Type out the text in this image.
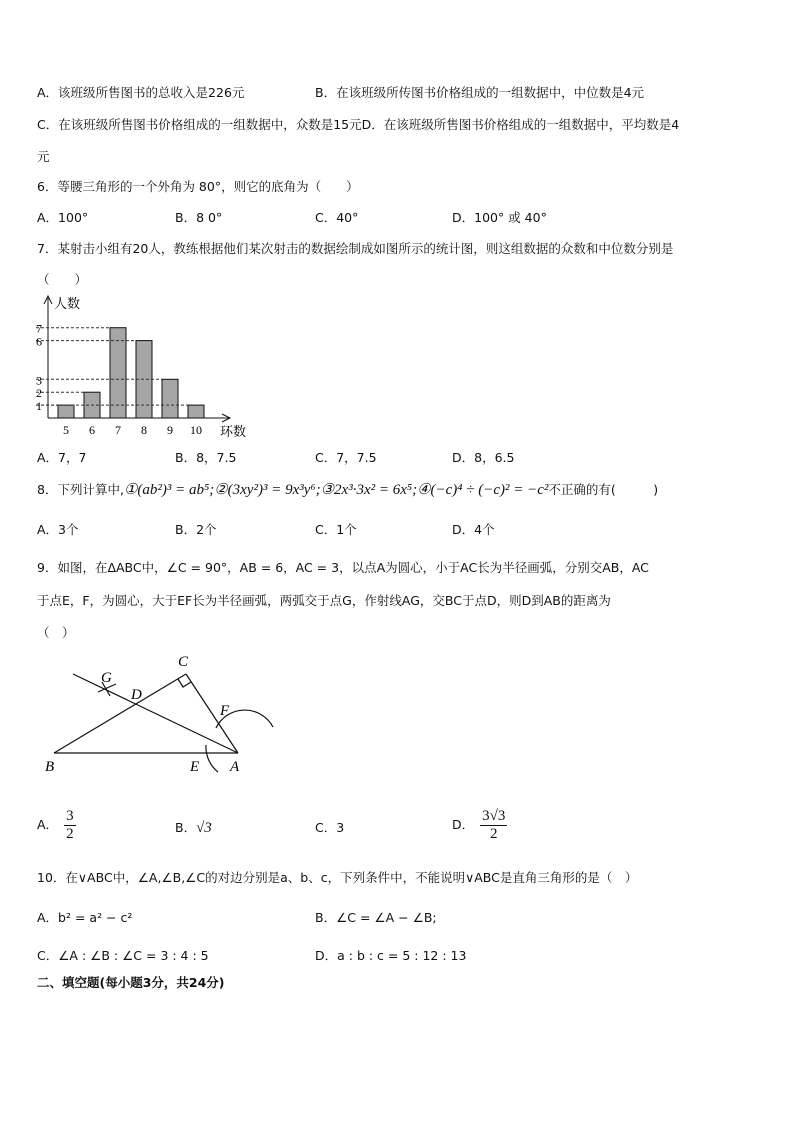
A．该班级所售图书的总收入是226元	B．在该班级所传图书价格组成的一组数据中，中位数是4元
C．在该班级所售图书价格组成的一组数据中，众数是15元D．在该班级所售图书价格组成的一组数据中，平均数是4
元
6．等腰三角形的一个外角为 80°，则它的底角为（　　）
A．100°	B．8 0°	C．40°	D．100° 或 40°
7．某射击小组有20人，教练根据他们某次射击的数据绘制成如图所示的统计图，则‍这组数据的众数和中位数分别是
（　　）
人数
环数
5 6 7 8 9 10
1
2
3
6
7
A．7，7	B．8，7.5	C．7，7.5	D．8，6.5
8．下列计算中,①(ab²)³ = ab⁵;②(3xy²)³ = 9x³y⁶;③2x³·3x² = 6x⁵;④(−c)⁴ ÷ (−c)² = −c²不正确的有(　　　)
A．3个	B．2个	C．1个	D．4个
9．如图，在ΔABC中，∠C = 90°，AB = 6，AC = 3，以点A为圆心，小于AC长为半径画弧，分别交AB，AC
于点E，F，为圆心，大于EF长为半径画弧，两弧交于点G，作射线AG，交BC于点D，则D到AB的距离为
（　）
C
G
D
F
B	E A
A． $\frac{3}{2}$	B．√3	C．3	D． $\frac{3√3}{2}$
10．在∨ABC中，∠A,∠B,∠C的对边分别是a、b、c，下列条件中，不能说明∨ABC是直角三角形的是（　）
A．b² = a² − c²	B．∠C = ∠A − ∠B;
C．∠A : ∠B : ∠C = 3 : 4 : 5	D．a : b : c = 5 : 12 : 13
二、填空题(每小题3分，共24分)
